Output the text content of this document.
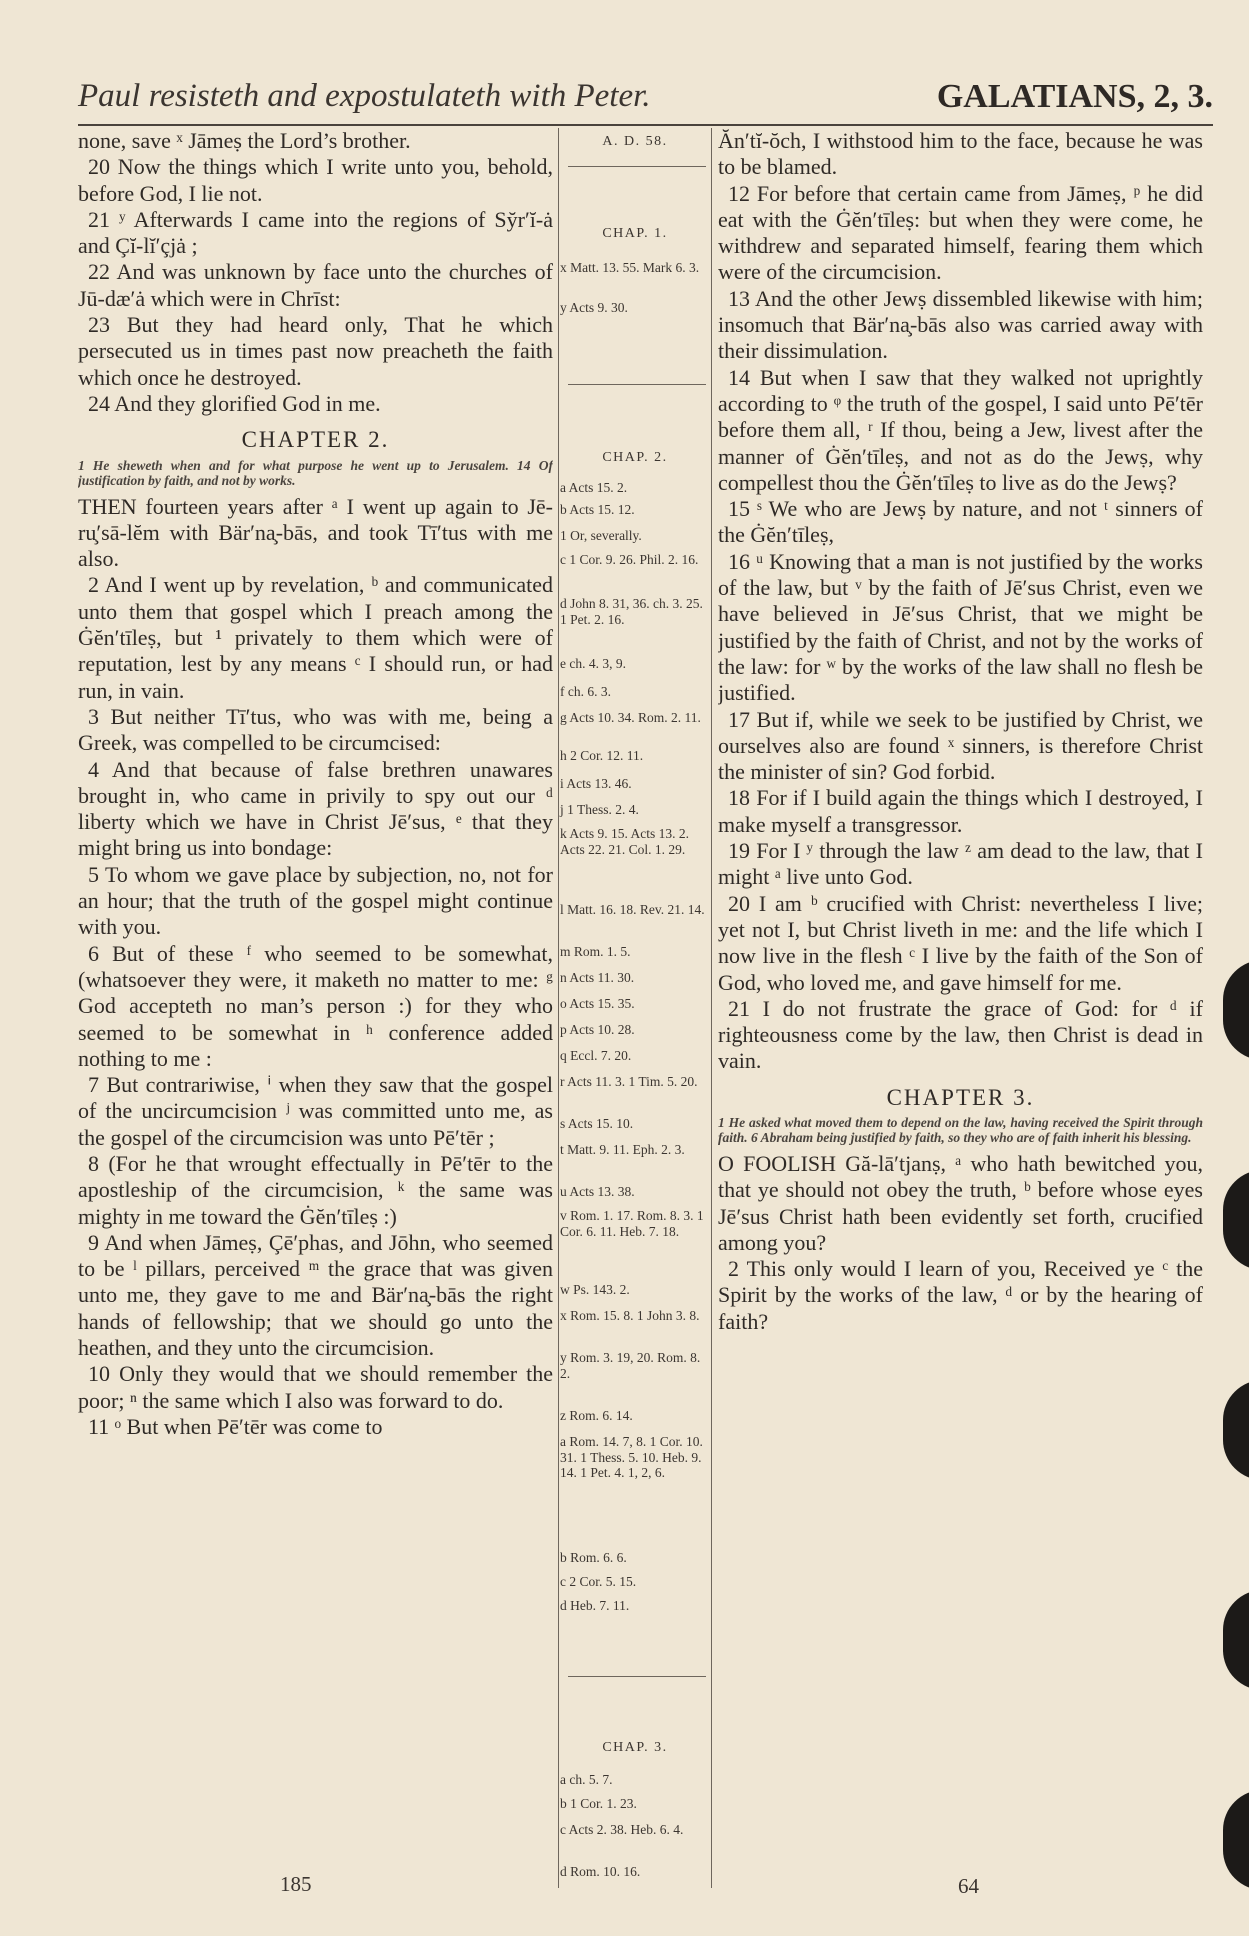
Paul resisteth and expostulateth with Peter.	GALATIANS, 2, 3.

none, save ˣ Jāmeṣ the Lord’s brother.

20 Now the things which I write unto you, behold, before God, I lie not.

21 ʸ Afterwards I came into the regions of Sy̆r′ĭ-ȧ and Çĭ-lĭ′çjȧ ;

22 And was unknown by face unto the churches of Jū-dæ′ȧ which were in Chrīst:

23 But they had heard only, That he which persecuted us in times past now preacheth the faith which once he destroyed.

24 And they glorified God in me.

CHAPTER 2.
1 He sheweth when and for what purpose he went up to Jerusalem. 14 Of justification by faith, and not by works.

THEN fourteen years after ᵃ I went up again to Jē-ru̧′sā-lĕm with Bär′na̧-bās, and took Tī′tus with me also.

2 And I went up by revelation, ᵇ and communicated unto them that gospel which I preach among the Ġĕn′tīleṣ, but ¹ privately to them which were of reputation, lest by any means ᶜ I should run, or had run, in vain.

3 But neither Tī′tus, who was with me, being a Greek, was compelled to be circumcised:

4 And that because of false brethren unawares brought in, who came in privily to spy out our ᵈ liberty which we have in Christ Jē′sus, ᵉ that they might bring us into bondage:

5 To whom we gave place by subjection, no, not for an hour; that the truth of the gospel might continue with you.

6 But of these ᶠ who seemed to be somewhat, (whatsoever they were, it maketh no matter to me: ᵍ God accepteth no man’s person :) for they who seemed to be somewhat in ʰ conference added nothing to me :

7 But contrariwise, ⁱ when they saw that the gospel of the uncircumcision ʲ was committed unto me, as the gospel of the circumcision was unto Pē′tēr ;

8 (For he that wrought effectually in Pē′tēr to the apostleship of the circumcision, ᵏ the same was mighty in me toward the Ġĕn′tīleṣ :)

9 And when Jāmeṣ, Çē′phas, and Jōhn, who seemed to be ˡ pillars, perceived ᵐ the grace that was given unto me, they gave to me and Bär′na̧-bās the right hands of fellowship; that we should go unto the heathen, and they unto the circumcision.

10 Only they would that we should remember the poor; ⁿ the same which I also was forward to do.

11 ᵒ But when Pē′tēr was come to

A. D. 58.
CHAP. 1.
x Matt. 13. 55. Mark 6. 3.
y Acts 9. 30.
CHAP. 2.
a Acts 15. 2.
b Acts 15. 12.
1 Or, severally.
c 1 Cor. 9. 26. Phil. 2. 16.
d John 8. 31, 36. ch. 3. 25. 1 Pet. 2. 16.
e ch. 4. 3, 9.
f ch. 6. 3.
g Acts 10. 34. Rom. 2. 11.
h 2 Cor. 12. 11.
i Acts 13. 46.
j 1 Thess. 2. 4.
k Acts 9. 15. Acts 13. 2. Acts 22. 21. Col. 1. 29.
l Matt. 16. 18. Rev. 21. 14.
m Rom. 1. 5.
n Acts 11. 30.
o Acts 15. 35.
p Acts 10. 28.
q Eccl. 7. 20.
r Acts 11. 3. 1 Tim. 5. 20.
s Acts 15. 10.
t Matt. 9. 11. Eph. 2. 3.
u Acts 13. 38.
v Rom. 1. 17. Rom. 8. 3. 1 Cor. 6. 11. Heb. 7. 18.
w Ps. 143. 2.
x Rom. 15. 8. 1 John 3. 8.
y Rom. 3. 19, 20. Rom. 8. 2.
z Rom. 6. 14.
a Rom. 14. 7, 8. 1 Cor. 10. 31. 1 Thess. 5. 10. Heb. 9. 14. 1 Pet. 4. 1, 2, 6.
b Rom. 6. 6.
c 2 Cor. 5. 15.
d Heb. 7. 11.
CHAP. 3.
a ch. 5. 7.
b 1 Cor. 1. 23.
c Acts 2. 38. Heb. 6. 4.
d Rom. 10. 16.

Ăn′tĭ-ŏch, I withstood him to the face, because he was to be blamed.

12 For before that certain came from Jāmeṣ, ᵖ he did eat with the Ġĕn′tīleṣ: but when they were come, he withdrew and separated himself, fearing them which were of the circumcision.

13 And the other Jewṣ dissembled likewise with him; insomuch that Bär′na̧-bās also was carried away with their dissimulation.

14 But when I saw that they walked not uprightly according to ᵠ the truth of the gospel, I said unto Pē′tēr before them all, ʳ If thou, being a Jew, livest after the manner of Ġĕn′tīleṣ, and not as do the Jewṣ, why compellest thou the Ġĕn′tīleṣ to live as do the Jewṣ?

15 ˢ We who are Jewṣ by nature, and not ᵗ sinners of the Ġĕn′tīleṣ,

16 ᵘ Knowing that a man is not justified by the works of the law, but ᵛ by the faith of Jē′sus Christ, even we have believed in Jē′sus Christ, that we might be justified by the faith of Christ, and not by the works of the law: for ʷ by the works of the law shall no flesh be justified.

17 But if, while we seek to be justified by Christ, we ourselves also are found ˣ sinners, is therefore Christ the minister of sin? God forbid.

18 For if I build again the things which I destroyed, I make myself a transgressor.

19 For I ʸ through the law ᶻ am dead to the law, that I might ᵃ live unto God.

20 I am ᵇ crucified with Christ: nevertheless I live; yet not I, but Christ liveth in me: and the life which I now live in the flesh ᶜ I live by the faith of the Son of God, who loved me, and gave himself for me.

21 I do not frustrate the grace of God: for ᵈ if righteousness come by the law, then Christ is dead in vain.

CHAPTER 3.
1 He asked what moved them to depend on the law, having received the Spirit through faith. 6 Abraham being justified by faith, so they who are of faith inherit his blessing.

O FOOLISH Gă-lā′tjanṣ, ᵃ who hath bewitched you, that ye should not obey the truth, ᵇ before whose eyes Jē′sus Christ hath been evidently set forth, crucified among you?

2 This only would I learn of you, Received ye ᶜ the Spirit by the works of the law, ᵈ or by the hearing of faith?

185	64
